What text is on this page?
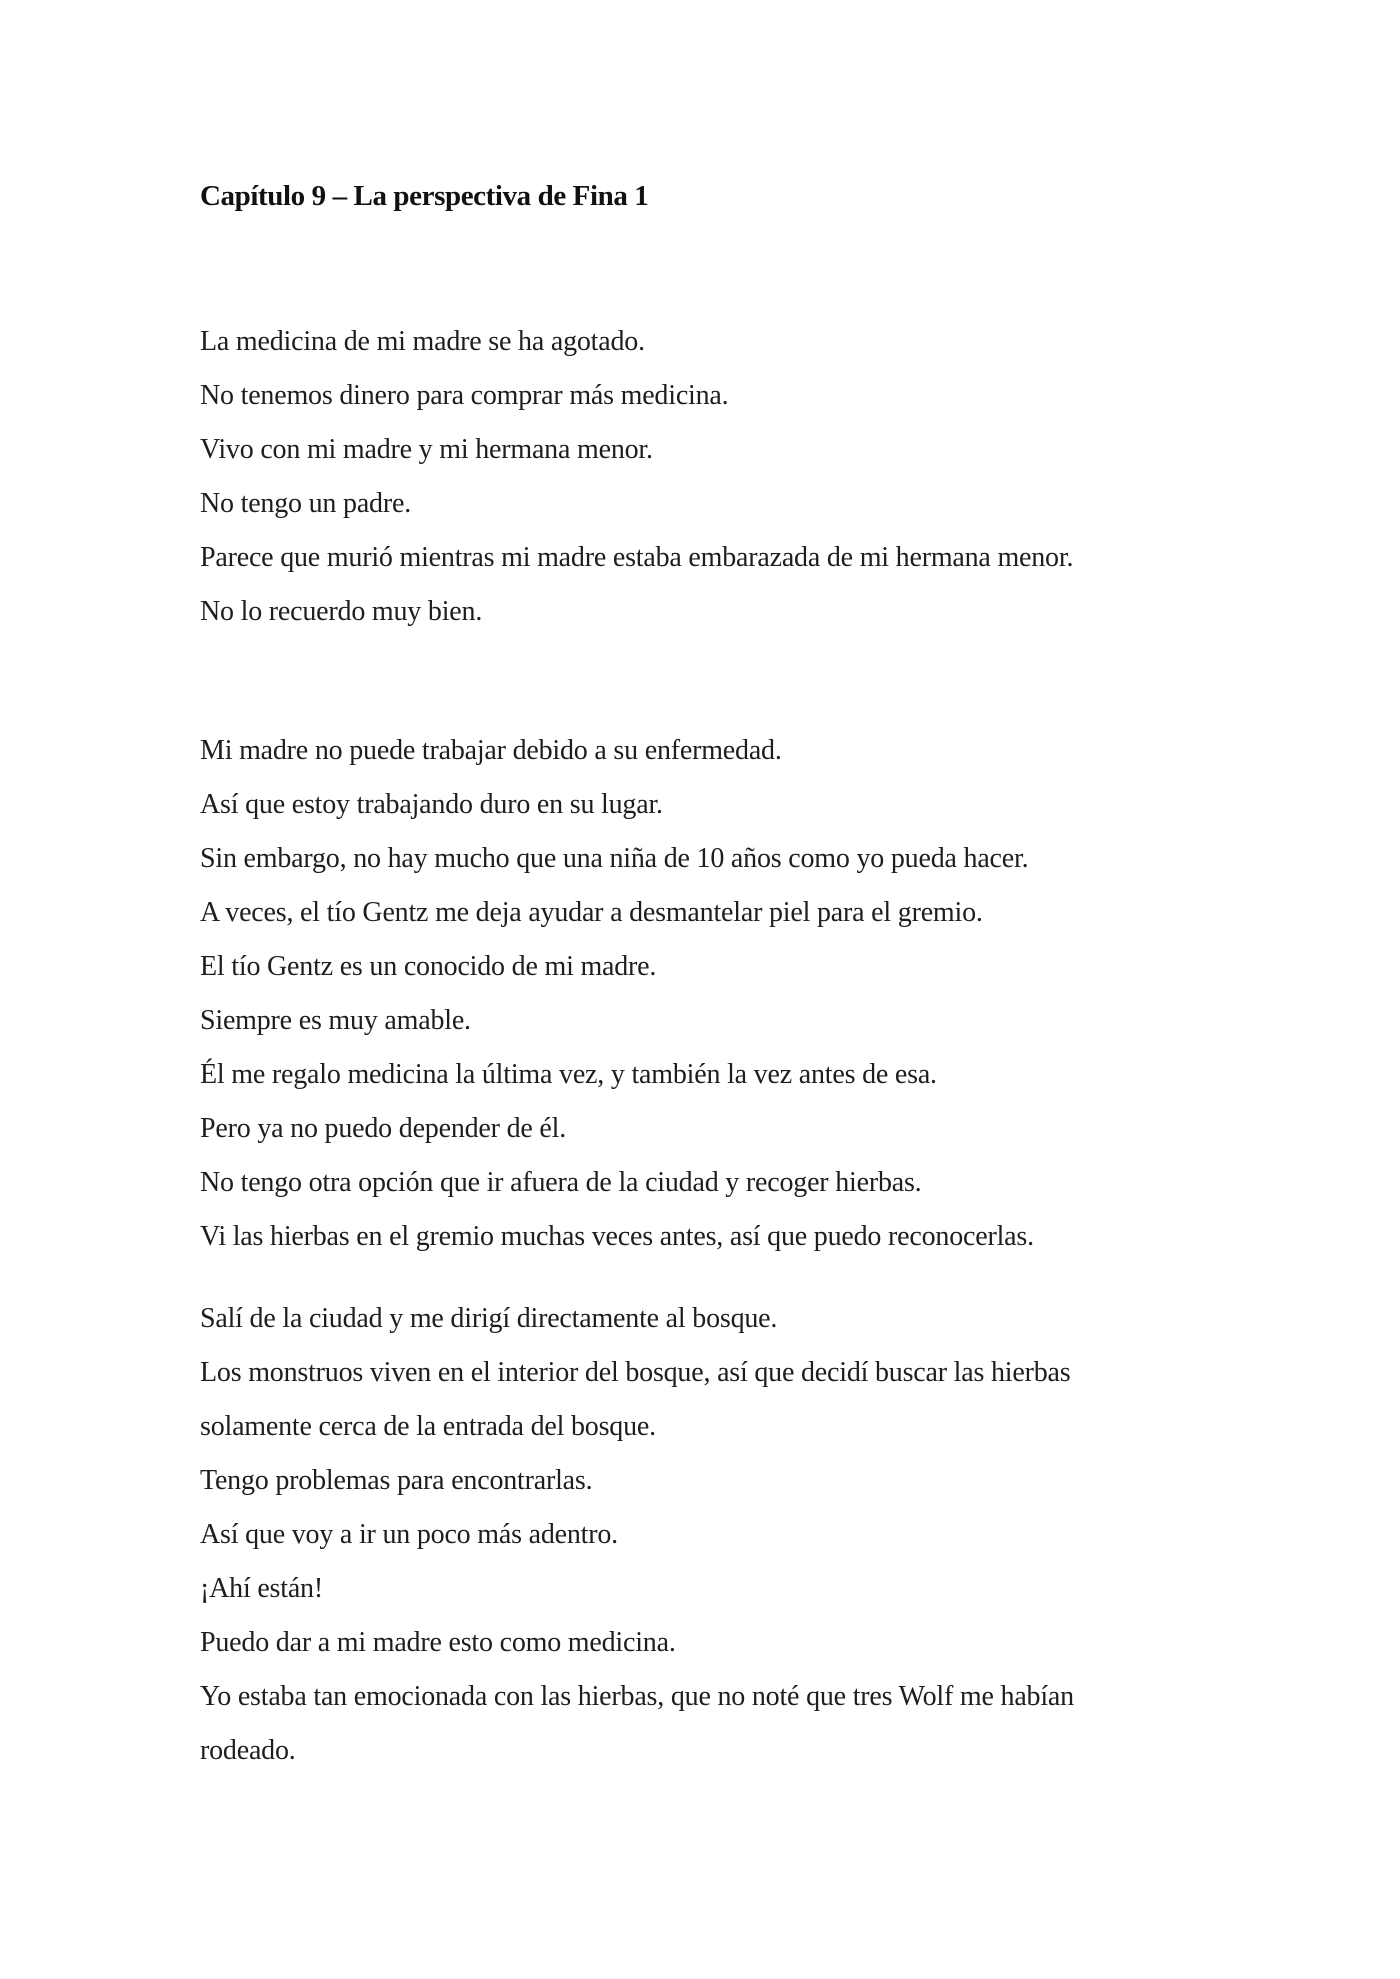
Capítulo 9 – La perspectiva de Fina 1
La medicina de mi madre se ha agotado.
No tenemos dinero para comprar más medicina.
Vivo con mi madre y mi hermana menor.
No tengo un padre.
Parece que murió mientras mi madre estaba embarazada de mi hermana menor.
No lo recuerdo muy bien.
Mi madre no puede trabajar debido a su enfermedad.
Así que estoy trabajando duro en su lugar.
Sin embargo, no hay mucho que una niña de 10 años como yo pueda hacer.
A veces, el tío Gentz me deja ayudar a desmantelar piel para el gremio.
El tío Gentz es un conocido de mi madre.
Siempre es muy amable.
Él me regalo medicina la última vez, y también la vez antes de esa.
Pero ya no puedo depender de él.
No tengo otra opción que ir afuera de la ciudad y recoger hierbas.
Vi las hierbas en el gremio muchas veces antes, así que puedo reconocerlas.
Salí de la ciudad y me dirigí directamente al bosque.
Los monstruos viven en el interior del bosque, así que decidí buscar las hierbas
solamente cerca de la entrada del bosque.
Tengo problemas para encontrarlas.
Así que voy a ir un poco más adentro.
¡Ahí están!
Puedo dar a mi madre esto como medicina.
Yo estaba tan emocionada con las hierbas, que no noté que tres Wolf me habían
rodeado.
